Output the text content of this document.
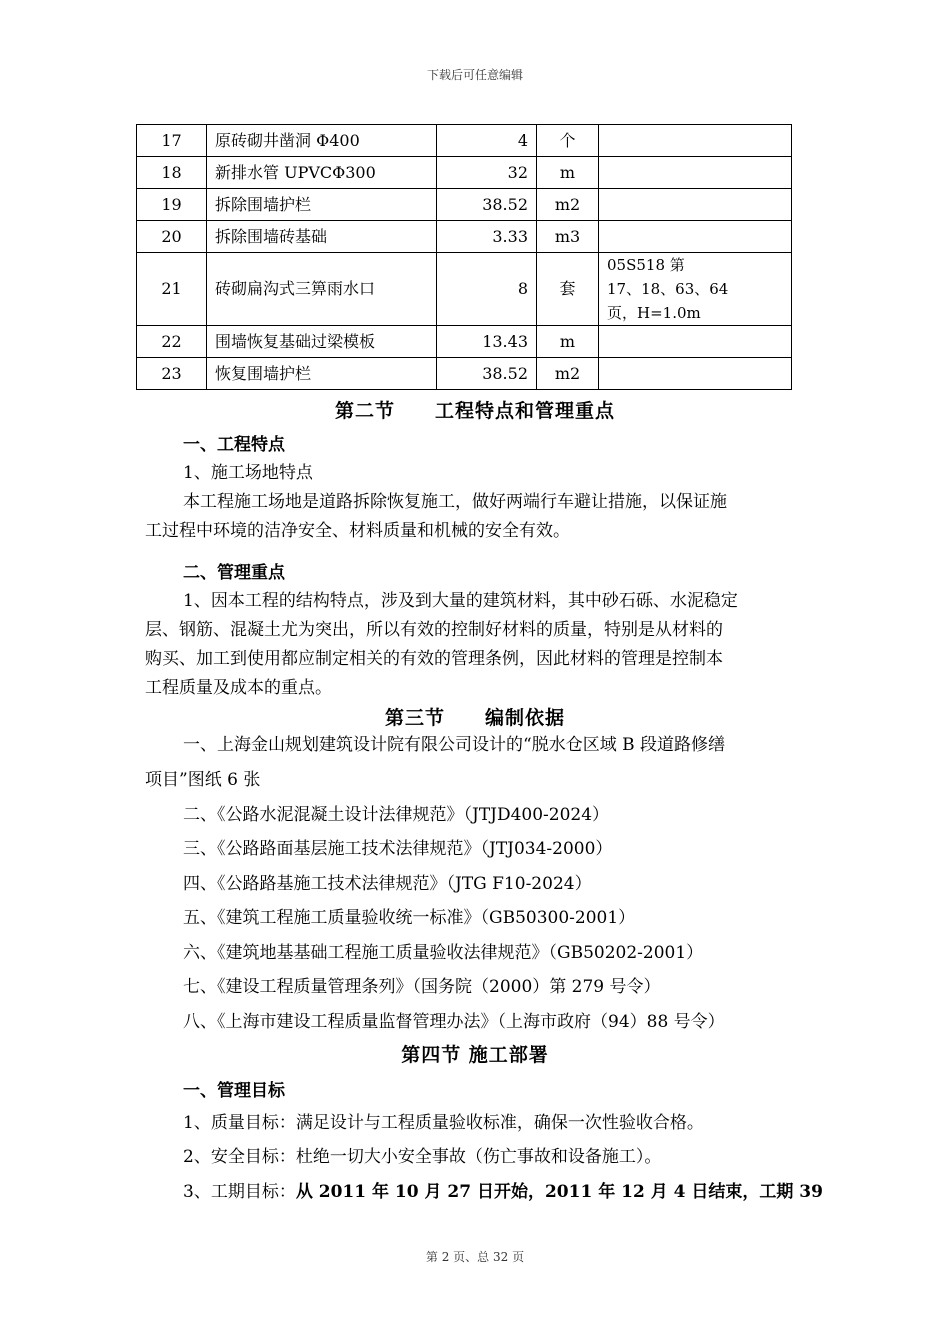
下载后可任意编辑
17	原砖砌井凿洞 Φ400	4	个	
18	新排水管 UPVCΦ300	32	m	
19	拆除围墙护栏	38.52	m2	
20	拆除围墙砖基础	3.33	m3	
21	砖砌扁沟式三箅雨水口	8	套	05S518 第
17、18、63、64
页，H=1.0m

22	围墙恢复基础过梁模板	13.43	m	
23	恢复围墙护栏	38.52	m2	
第二节　　工程特点和管理重点
一、工程特点
1、施工场地特点
本工程施工场地是道路拆除恢复施工，做好两端行车避让措施，以保证施
工过程中环境的洁净安全、材料质量和机械的安全有效。
二、管理重点
1、因本工程的结构特点，涉及到大量的建筑材料，其中砂石砾、水泥稳定
层、钢筋、混凝土尤为突出，所以有效的控制好材料的质量，特别是从材料的
购买、加工到使用都应制定相关的有效的管理条例，因此材料的管理是控制本
工程质量及成本的重点。
第三节　　编制依据
一、上海金山规划建筑设计院有限公司设计的“脱水仓区域 B 段道路修缮
项目”图纸 6 张
二、《公路水泥混凝土设计法律规范》（JTJD400-2024）
三、《公路路面基层施工技术法律规范》（JTJ034-2000）
四、《公路路基施工技术法律规范》（JTG F10-2024）
五、《建筑工程施工质量验收统一标准》（GB50300-2001）
六、《建筑地基基础工程施工质量验收法律规范》（GB50202-2001）
七、《建设工程质量管理条列》（国务院（2000）第 279 号令）
八、《上海市建设工程质量监督管理办法》（上海市政府（94）88 号令）
第四节 施工部署
一、管理目标
1、质量目标：满足设计与工程质量验收标准，确保一次性验收合格。
2、安全目标：杜绝一切大小安全事故（伤亡事故和设备施工）。
3、工期目标：从 2011 年 10 月 27 日开始，2011 年 12 月 4 日结束，工期 39
第 2 页、总 32 页
